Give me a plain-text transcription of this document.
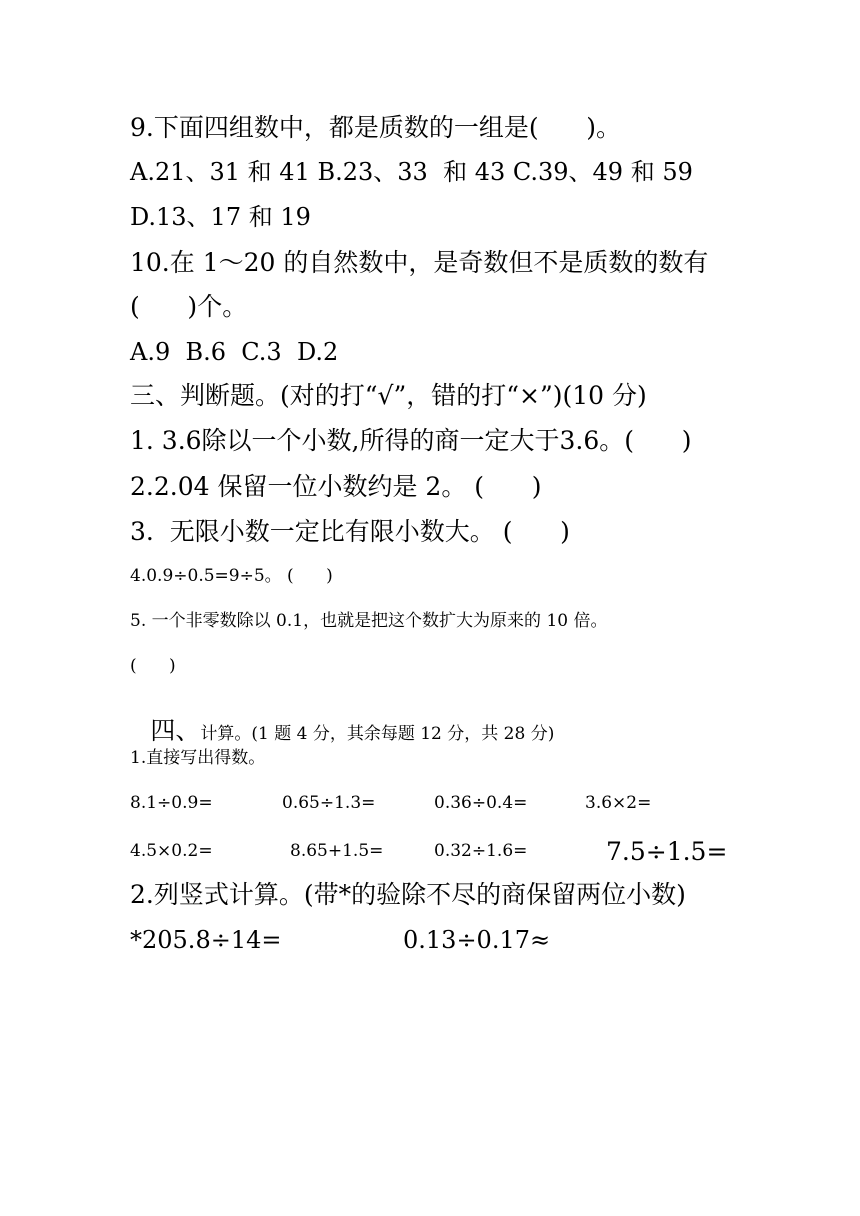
9.下面四组数中，都是质数的一组是(      )。
A.21、31 和 41 B.23、33  和 43 C.39、49 和 59
D.13、17 和 19
10.在 1～20 的自然数中，是奇数但不是质数的数有
(      )个。
A.9  B.6  C.3  D.2
三、判断题。(对的打“√”，错的打“×”)(10 分)
1. 3.6除以一个小数,所得的商一定大于3.6。(      )
2.2.04 保留一位小数约是 2。 (      )
3.  无限小数一定比有限小数大。 (      )
4.0.9÷0.5=9÷5。 (      )
5. 一个非零数除以 0.1，也就是把这个数扩大为原来的 10 倍。
(      )

四、计算。(1 题 4 分，其余每题 12 分，共 28 分)

1.直接写出得数。
8.1÷0.9=	0.65÷1.3=	0.36÷0.4=	3.6×2=
4.5×0.2=	8.65+1.5=	0.32÷1.6=	7.5÷1.5=
2.列竖式计算。(带*的验除不尽的商保留两位小数)
*205.8÷14=	0.13÷0.17≈
